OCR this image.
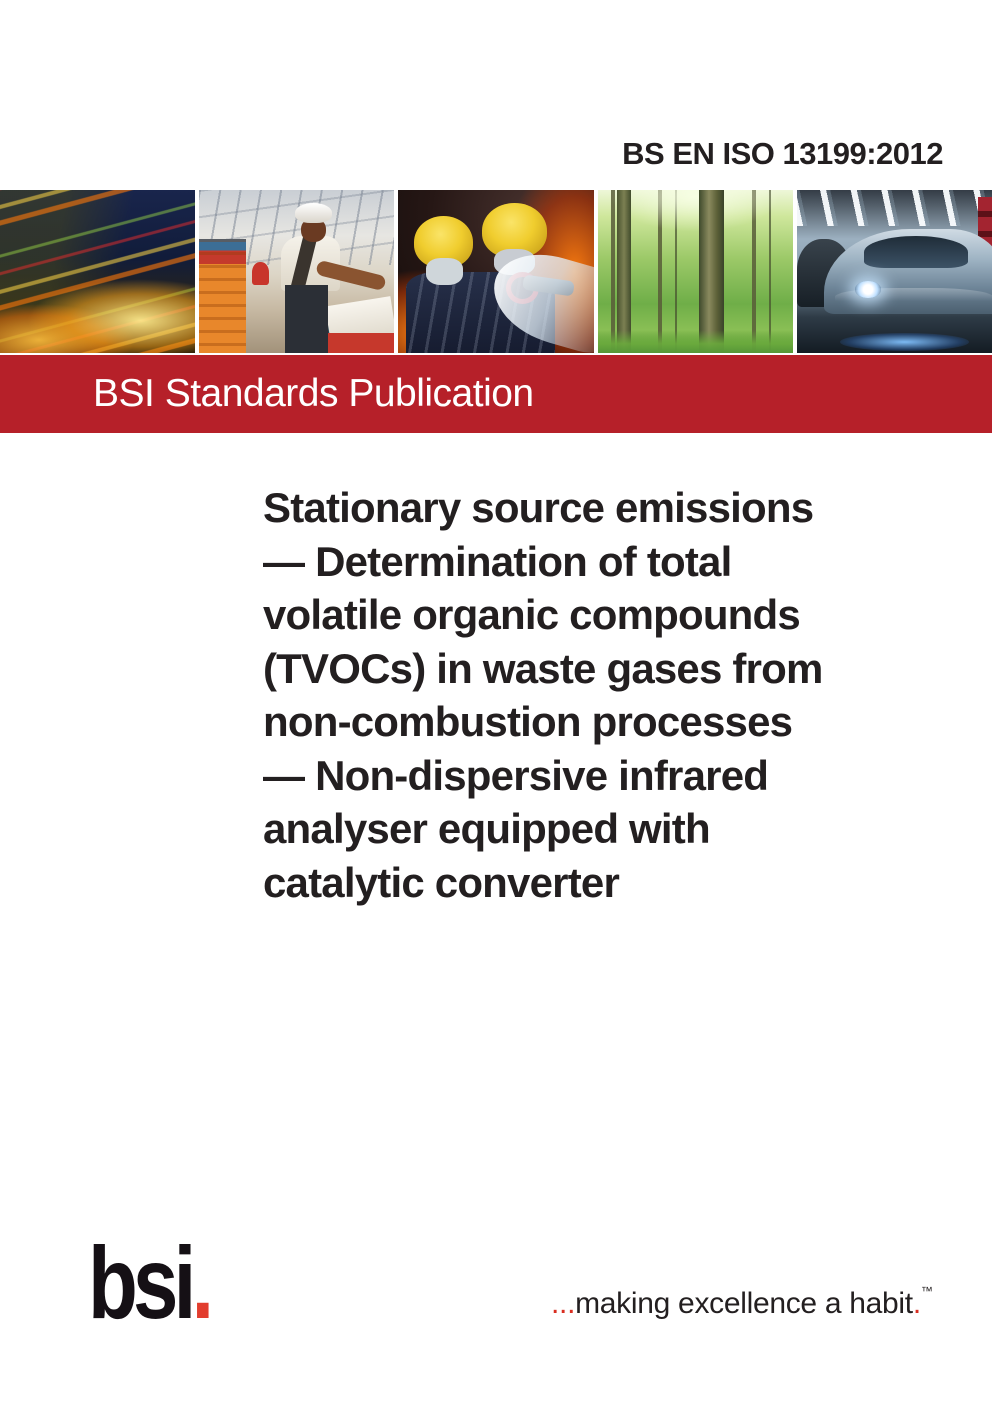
BS EN ISO 13199:2012
BSI Standards Publication
Stationary source emissions
— Determination of total
volatile organic compounds
(TVOCs) in waste gases from
non-combustion processes
— Non-dispersive infrared
analyser equipped with
catalytic converter
bsi.	...making excellence a habit.™
